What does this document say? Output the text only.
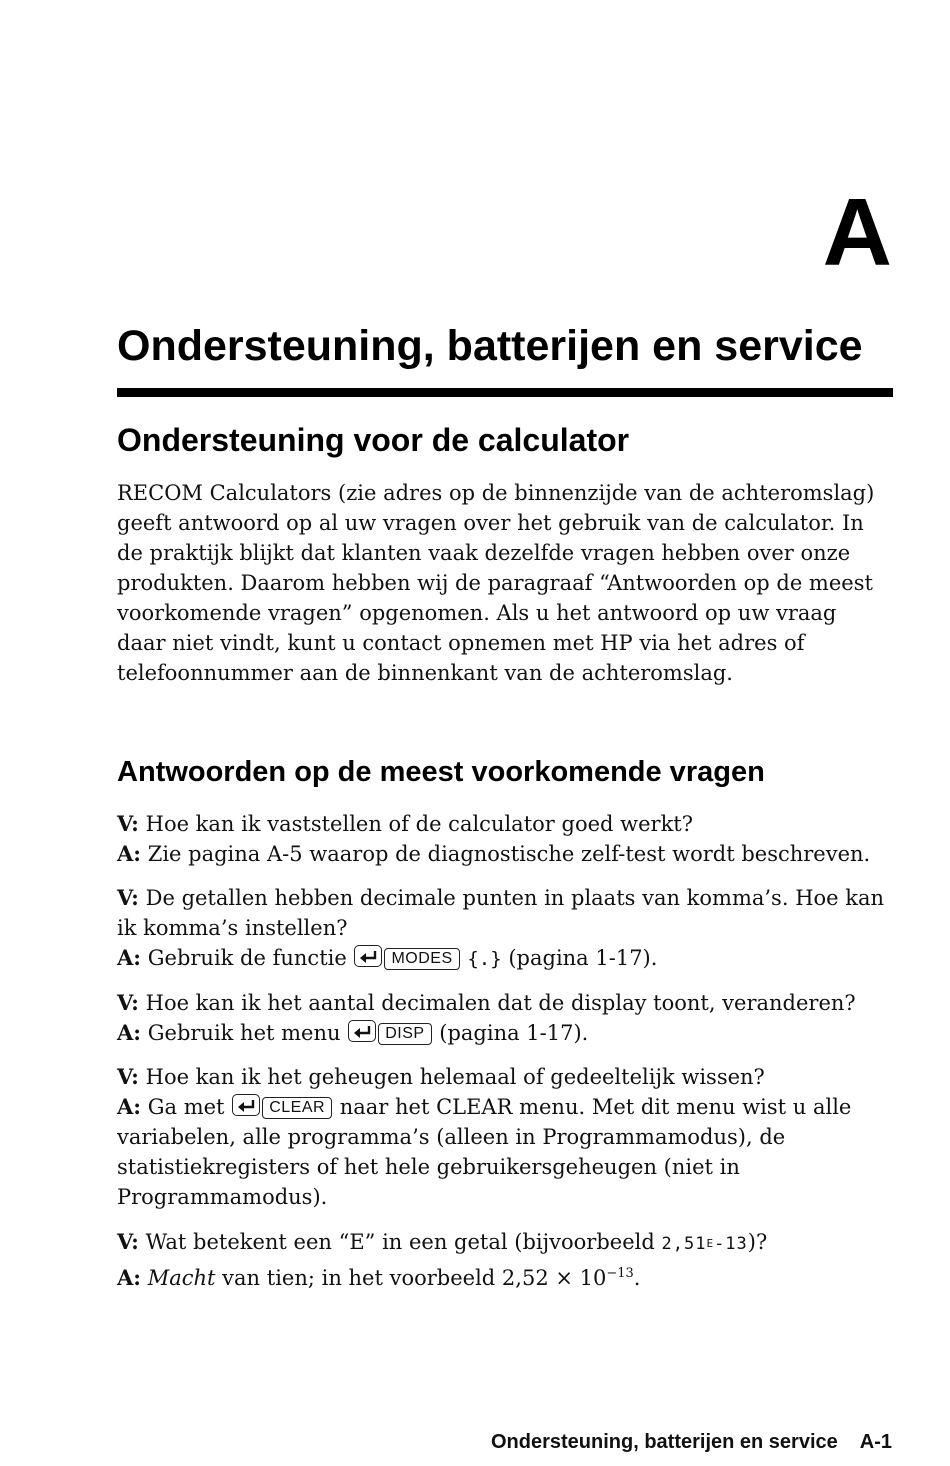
A
Ondersteuning, batterijen en service
Ondersteuning voor de calculator

RECOM Calculators (zie adres op de binnenzijde van de achteromslag) geeft antwoord op al uw vragen over het gebruik van de calculator. In de praktijk blijkt dat klanten vaak dezelfde vragen hebben over onze produkten. Daarom hebben wij de paragraaf “Antwoorden op de meest voorkomende vragen” opgenomen. Als u het antwoord op uw vraag daar niet vindt, kunt u contact opnemen met HP via het adres of telefoonnummer aan de binnenkant van de achteromslag.

Antwoorden op de meest voorkomende vragen

V: Hoe kan ik vaststellen of de calculator goed werkt?

A: Zie pagina A-5 waarop de diagnostische zelf-test wordt beschreven.

V: De getallen hebben decimale punten in plaats van komma’s. Hoe kan ik komma’s instellen?

A: Gebruik de functie	MODES {.} (pagina 1-17).

V: Hoe kan ik het aantal decimalen dat de display toont, veranderen?

A: Gebruik het menu	DISP (pagina 1-17).

V: Hoe kan ik het geheugen helemaal of gedeeltelijk wissen?

A: Ga met	CLEAR naar het CLEAR menu. Met dit menu wist u alle variabelen, alle programma’s (alleen in Programmamodus), de statistiekregisters of het hele gebruikersgeheugen (niet in Programmamodus).

V: Wat betekent een “E” in een getal (bijvoorbeeld 2,51E-13)?

A: Macht van tien; in het voorbeeld $2,52 \times 10^{-13}$.

Ondersteuning, batterijen en service A-1
